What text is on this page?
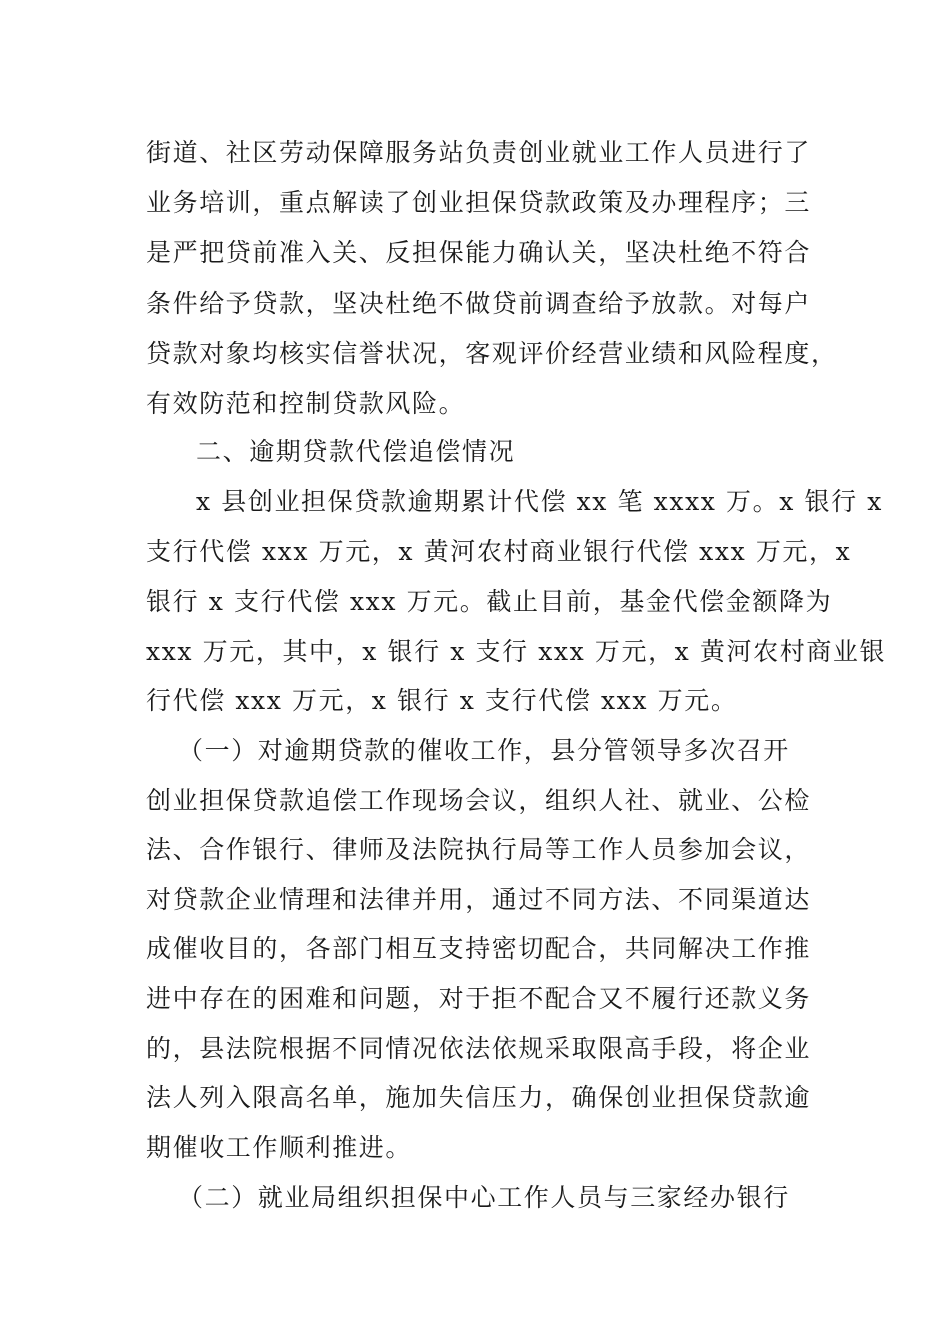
街道、社区劳动保障服务站负责创业就业工作人员进行了
业务培训，重点解读了创业担保贷款政策及办理程序；三
是严把贷前准入关、反担保能力确认关，坚决杜绝不符合
条件给予贷款，坚决杜绝不做贷前调查给予放款。对每户
贷款对象均核实信誉状况，客观评价经营业绩和风险程度，
有效防范和控制贷款风险。
二、逾期贷款代偿追偿情况
x 县创业担保贷款逾期累计代偿 xx 笔 xxxx 万。x 银行 x
支行代偿 xxx 万元，x 黄河农村商业银行代偿 xxx 万元，x
银行 x 支行代偿 xxx 万元。截止目前，基金代偿金额降为
xxx 万元，其中，x 银行 x 支行 xxx 万元，x 黄河农村商业银
行代偿 xxx 万元，x 银行 x 支行代偿 xxx 万元。
（一）对逾期贷款的催收工作，县分管领导多次召开
创业担保贷款追偿工作现场会议，组织人社、就业、公检
法、合作银行、律师及法院执行局等工作人员参加会议，
对贷款企业情理和法律并用，通过不同方法、不同渠道达
成催收目的，各部门相互支持密切配合，共同解决工作推
进中存在的困难和问题，对于拒不配合又不履行还款义务
的，县法院根据不同情况依法依规采取限高手段，将企业
法人列入限高名单，施加失信压力，确保创业担保贷款逾
期催收工作顺利推进。
（二）就业局组织担保中心工作人员与三家经办银行
